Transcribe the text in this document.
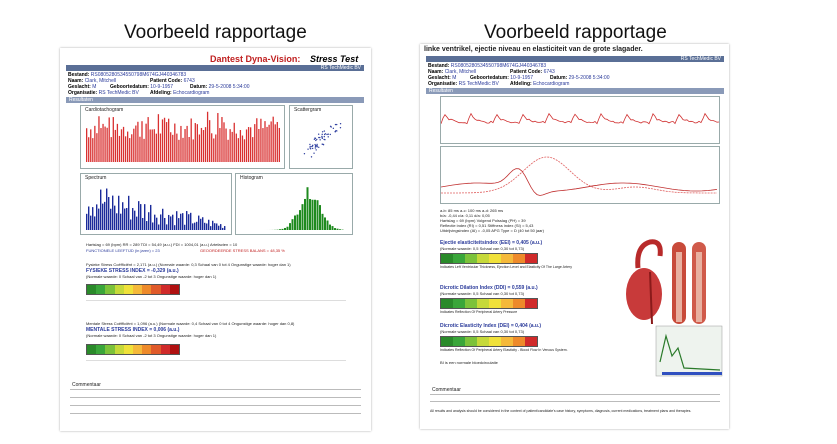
Voorbeeld rapportage	Voorbeeld rapportage
Dantest Dyna-Vision: Stress Test
RS TechMedic BV
Bestand: RS0805280534550798M674GJ440346783
Naam: Clark, Mitchell	Patient Code: 6743
Geslacht: M	Geboortedatum: 10-9-1957	Datum: 29-5-2008 5:34:00
Organisatie: RS TechMedic BV Afdeling: Echocardiogram
Resultaten
Cardiotachogram	Scattergram
Spectrum	Histogram
Hartslag = 69 (bpm) RR = 289 TDI = 54,49 (a.u.) FDI = 1004,01 (a.u.) Artefacten = 10
FUNCTIONELE LEEFTIJD (in jaren) = 23	GEOORDEERDE STRESS BALANS = 48,35 %
Fysieke Stress Coëfficiënt = 2,171 (a.u.) (Normale waarde: 0,3 Schaal van 0 tot 4 Ongunstige waarde: hoger dan 1)
FYSIEKE STRESS INDEX = -0,329 (a.u.)
(Normale waarde: 0 Schaal van -2 tot 3 Ongunstige waarde: hoger dan 1)
Mentale Stress Coëfficiënt = 1,096 (a.u.) (Normale waarde: 0,4 Schaal van 0 tot 4 Ongunstige waarde: hoger dan 0,8)
MENTALE STRESS INDEX = 0,006 (a.u.)
(Normale waarde: 0 Schaal van -2 tot 3 Ongunstige waarde: hoger dan 1)
Commentaar
linke ventrikel, ejectie niveau en elasticiteit van de grote slagader.
RS TechMedic BV
Bestand: RS0805280534550798M674GJ440346783
Naam: Clark, Mitchell	Patient Code: 6743
Geslacht: M	Geboortedatum: 10-9-1957	Datum: 29-5-2008 5:34:00
Organisatie: RS TechMedic BV Afdeling: Echocardiogram
Resultaten
a-b: 85 ms a-c: 100 ms a-d: 265 ms
b/a: -0,44 c/a: 0,11 d/a: 0,05
Hartslag = 69 (bpm) Volgend Polsslag (PH) = 39
Reflectie index (RI) = 0,51 Stiffness index (SI) = 5,43
Uitdrijvingsindex (AI) = -0,05 APG Type = D (40 tot 50 jaar)
Ejectie elasticiteitsindex (EEI) = 0,405 (a.u.)
(Normale waarde: 0,5 Schaal van 0,30 tot 0,73)
Indicates Left Ventricular Thickness, Ejection Level and Elasticity Of The Large Artery
Dicrotic Dilation Index (DDI) = 0,559 (a.u.)
(Normale waarde: 0,5 Schaal van 0,30 tot 0,73)
Indicates Reflection Of Peripheral Artery Pressure
Dicrotic Elasticity Index (DEI) = 0,404 (a.u.)
(Normale waarde: 0,5 Schaal van 0,30 tot 0,73)
Indicates Reflection Of Peripheral Artery Elasticity - Blood Flow In Venous System.
BI is een normale bloedcirculatie
Commentaar
All results and analysis should be considered in the context of patient/candidate's case history, symptoms, diagnosis, current medications, treatment plans and therapies.
